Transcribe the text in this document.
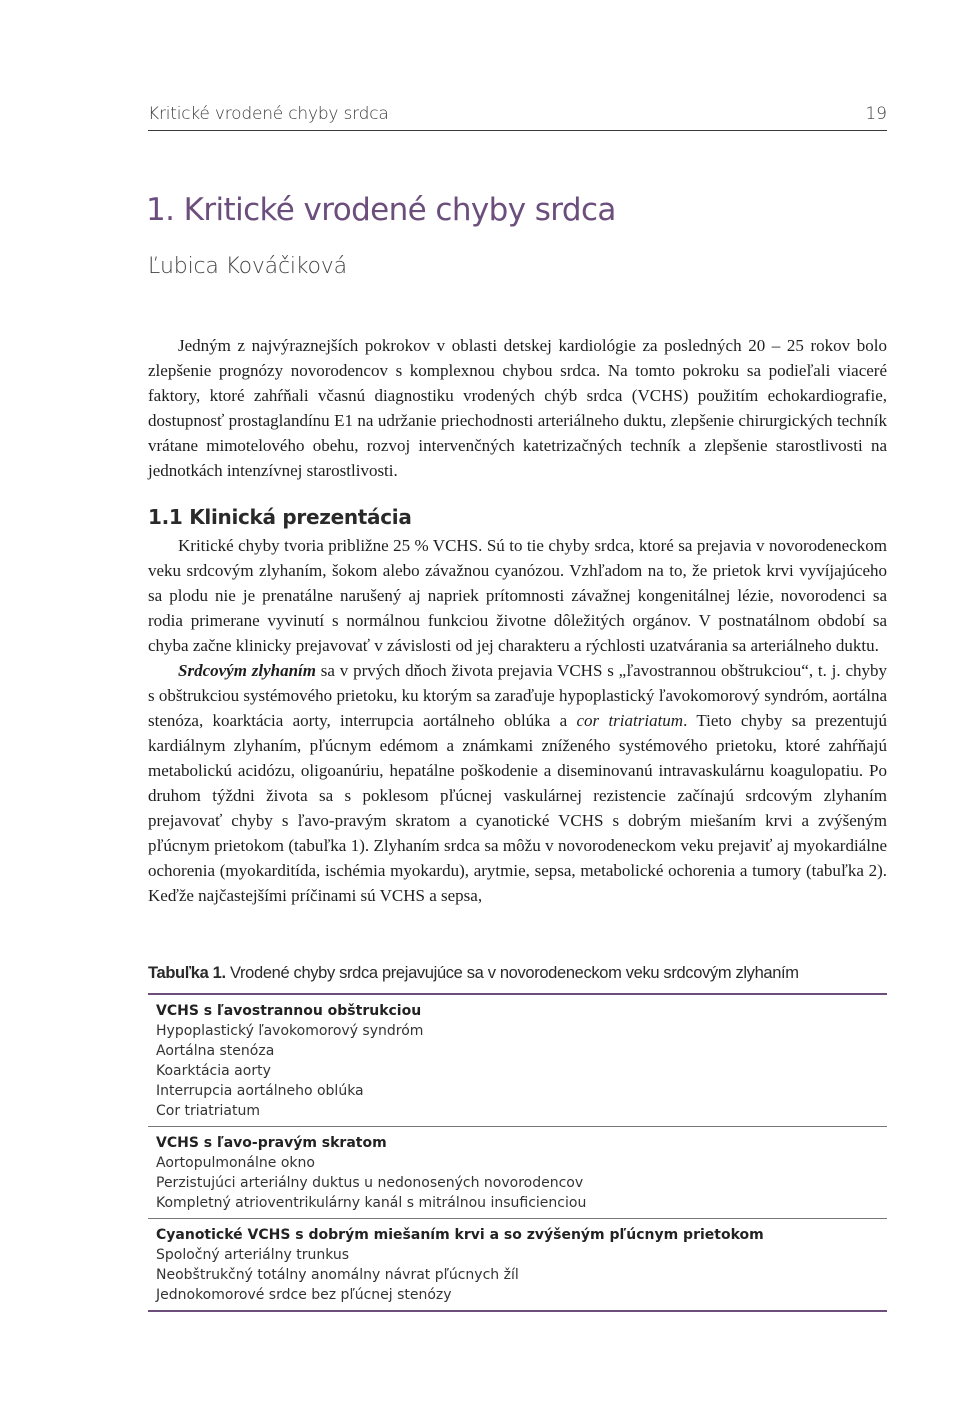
Kritické vrodené chyby srdca	19
1. Kritické vrodené chyby srdca
Ľubica Kováčiková

Jedným z najvýraznejších pokrokov v oblasti detskej kardiológie za posledných 20 – 25 rokov bolo zlepšenie prognózy novorodencov s komplexnou chybou srdca. Na tomto pokroku sa podieľali viaceré faktory, ktoré zahŕňali včasnú diagnostiku vrodených chýb srdca (VCHS) použitím echokardiografie, dostupnosť prostaglandínu E1 na udržanie priechodnosti arteriálneho duktu, zlepšenie chirurgických techník vrátane mimotelového obehu, rozvoj intervenčných katetrizačných techník a zlepšenie starostlivosti na jednotkách intenzívnej starostlivosti.

1.1 Klinická prezentácia

Kritické chyby tvoria približne 25 % VCHS. Sú to tie chyby srdca, ktoré sa prejavia v novorodeneckom veku srdcovým zlyhaním, šokom alebo závažnou cyanózou. Vzhľadom na to, že prietok krvi vyvíjajúceho sa plodu nie je prenatálne narušený aj napriek prítomnosti závažnej kongenitálnej lézie, novorodenci sa rodia primerane vyvinutí s normálnou funkciou životne dôležitých orgánov. V postnatálnom období sa chyba začne klinicky prejavovať v závislosti od jej charakteru a rýchlosti uzatvárania sa arteriálneho duktu.

Srdcovým zlyhaním sa v prvých dňoch života prejavia VCHS s „ľavostrannou obštrukciou“, t. j. chyby s obštrukciou systémového prietoku, ku ktorým sa zaraďuje hypoplastický ľavokomorový syndróm, aortálna stenóza, koarktácia aorty, interrupcia aortálneho oblúka a cor triatriatum. Tieto chyby sa prezentujú kardiálnym zlyhaním, pľúcnym edémom a známkami zníženého systémového prietoku, ktoré zahŕňajú metabolickú acidózu, oligoanúriu, hepatálne poškodenie a diseminovanú intravaskulárnu koagulopatiu. Po druhom týždni života sa s poklesom pľúcnej vaskulárnej rezistencie začínajú srdcovým zlyhaním prejavovať chyby s ľavo-pravým skratom a cyanotické VCHS s dobrým miešaním krvi a zvýšeným pľúcnym prietokom (tabuľka 1). Zlyhaním srdca sa môžu v novorodeneckom veku prejaviť aj myokardiálne ochorenia (myokarditída, ischémia myokardu), arytmie, sepsa, metabolické ochorenia a tumory (tabuľka 2). Keďže najčastejšími príčinami sú VCHS a sepsa,

Tabuľka 1. Vrodené chyby srdca prejavujúce sa v novorodeneckom veku srdcovým zlyhaním
VCHS s ľavostrannou obštrukciou
Hypoplastický ľavokomorový syndróm
Aortálna stenóza
Koarktácia aorty
Interrupcia aortálneho oblúka
Cor triatriatum
VCHS s ľavo-pravým skratom
Aortopulmonálne okno
Perzistujúci arteriálny duktus u nedonosených novorodencov
Kompletný atrioventrikulárny kanál s mitrálnou insuficienciou
Cyanotické VCHS s dobrým miešaním krvi a so zvýšeným pľúcnym prietokom
Spoločný arteriálny trunkus
Neobštrukčný totálny anomálny návrat pľúcnych žíl
Jednokomorové srdce bez pľúcnej stenózy
